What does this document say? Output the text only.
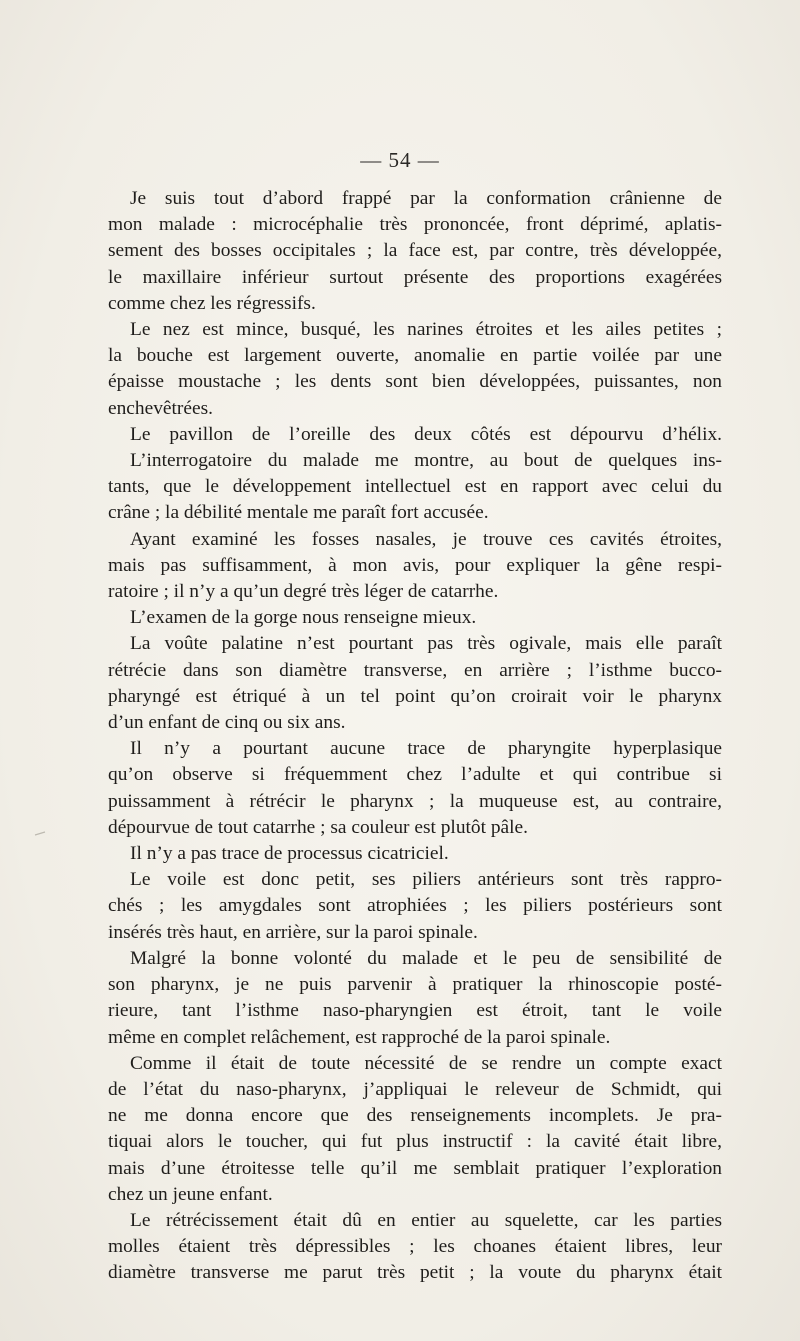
— 54 —
Je suis tout d’abord frappé par la conformation crânienne de
mon malade : microcéphalie très prononcée, front déprimé, aplatis-
sement des bosses occipitales ; la face est, par contre, très développée,
le maxillaire inférieur surtout présente des proportions exagérées
comme chez les régressifs.
Le nez est mince, busqué, les narines étroites et les ailes petites ;
la bouche est largement ouverte, anomalie en partie voilée par une
épaisse moustache ; les dents sont bien développées, puissantes, non
enchevêtrées.
Le pavillon de l’oreille des deux côtés est dépourvu d’hélix.
L’interrogatoire du malade me montre, au bout de quelques ins-
tants, que le développement intellectuel est en rapport avec celui du
crâne ; la débilité mentale me paraît fort accusée.
Ayant examiné les fosses nasales, je trouve ces cavités étroites,
mais pas suffisamment, à mon avis, pour expliquer la gêne respi-
ratoire ; il n’y a qu’un degré très léger de catarrhe.
L’examen de la gorge nous renseigne mieux.
La voûte palatine n’est pourtant pas très ogivale, mais elle paraît
rétrécie dans son diamètre transverse, en arrière ; l’isthme bucco-
pharyngé est étriqué à un tel point qu’on croirait voir le pharynx
d’un enfant de cinq ou six ans.
Il n’y a pourtant aucune trace de pharyngite hyperplasique
qu’on observe si fréquemment chez l’adulte et qui contribue si
puissamment à rétrécir le pharynx ; la muqueuse est, au contraire,
dépourvue de tout catarrhe ; sa couleur est plutôt pâle.
Il n’y a pas trace de processus cicatriciel.
Le voile est donc petit, ses piliers antérieurs sont très rappro-
chés ; les amygdales sont atrophiées ; les piliers postérieurs sont
insérés très haut, en arrière, sur la paroi spinale.
Malgré la bonne volonté du malade et le peu de sensibilité de
son pharynx, je ne puis parvenir à pratiquer la rhinoscopie posté-
rieure, tant l’isthme naso-pharyngien est étroit, tant le voile
même en complet relâchement, est rapproché de la paroi spinale.
Comme il était de toute nécessité de se rendre un compte exact
de l’état du naso-pharynx, j’appliquai le releveur de Schmidt, qui
ne me donna encore que des renseignements incomplets. Je pra-
tiquai alors le toucher, qui fut plus instructif : la cavité était libre,
mais d’une étroitesse telle qu’il me semblait pratiquer l’exploration
chez un jeune enfant.
Le rétrécissement était dû en entier au squelette, car les parties
molles étaient très dépressibles ; les choanes étaient libres, leur
diamètre transverse me parut très petit ; la voute du pharynx était
